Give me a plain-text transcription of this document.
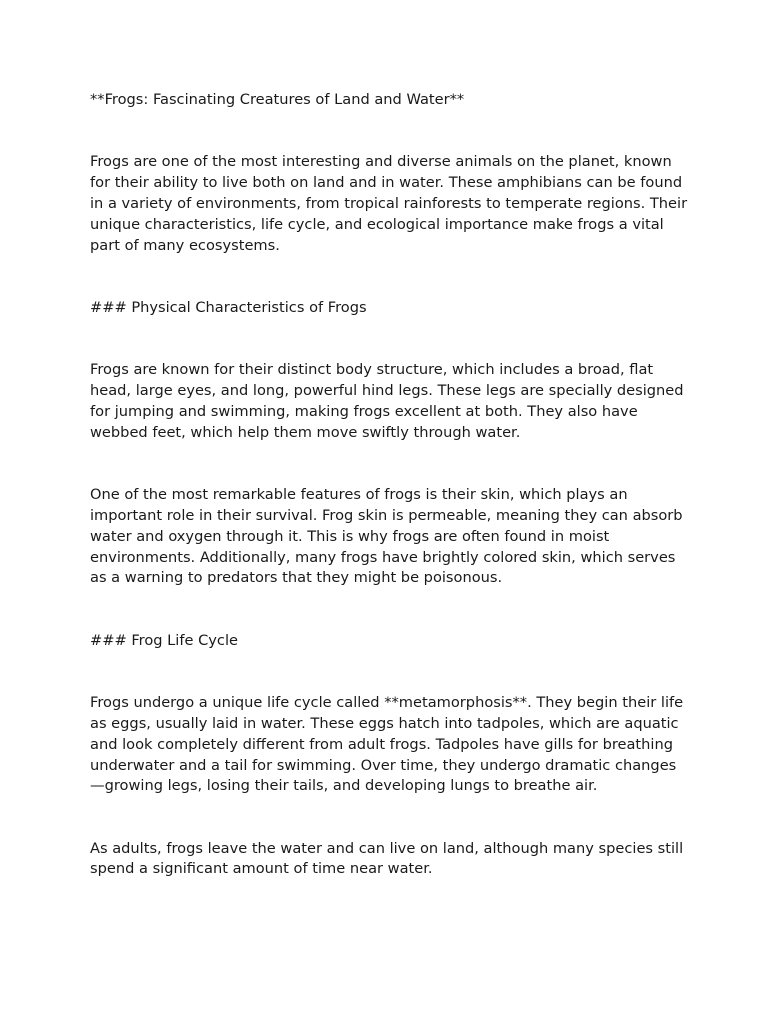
**Frogs: Fascinating Creatures of Land and Water**

Frogs are one of the most interesting and diverse animals on the planet, known for their ability to live both on land and in water. These amphibians can be found in a variety of environments, from tropical rainforests to temperate regions. Their unique characteristics, life cycle, and ecological importance make frogs a vital part of many ecosystems.

### Physical Characteristics of Frogs

Frogs are known for their distinct body structure, which includes a broad, flat head, large eyes, and long, powerful hind legs. These legs are specially designed for jumping and swimming, making frogs excellent at both. They also have webbed feet, which help them move swiftly through water.

One of the most remarkable features of frogs is their skin, which plays an important role in their survival. Frog skin is permeable, meaning they can absorb water and oxygen through it. This is why frogs are often found in moist environments. Additionally, many frogs have brightly colored skin, which serves as a warning to predators that they might be poisonous.

### Frog Life Cycle

Frogs undergo a unique life cycle called **metamorphosis**. They begin their life as eggs, usually laid in water. These eggs hatch into tadpoles, which are aquatic and look completely different from adult frogs. Tadpoles have gills for breathing underwater and a tail for swimming. Over time, they undergo dramatic changes—growing legs, losing their tails, and developing lungs to breathe air.

As adults, frogs leave the water and can live on land, although many species still spend a significant amount of time near water.
